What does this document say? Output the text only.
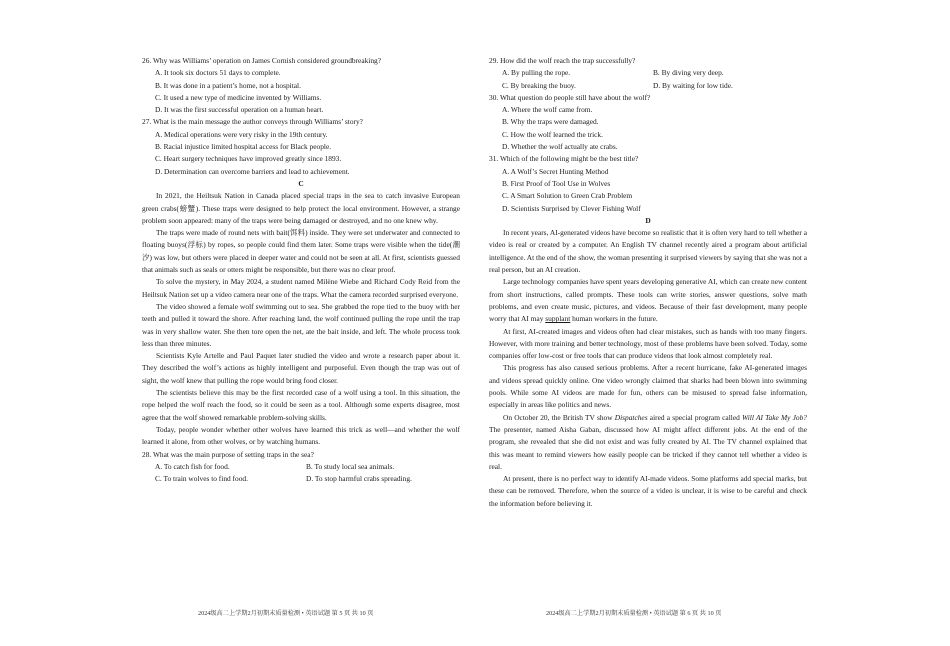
26. Why was Williams’ operation on James Cornish considered groundbreaking?

A. It took six doctors 51 days to complete.

B. It was done in a patient’s home, not a hospital.

C. It used a new type of medicine invented by Williams.

D. It was the first successful operation on a human heart.

27. What is the main message the author conveys through Williams’ story?

A. Medical operations were very risky in the 19th century.

B. Racial injustice limited hospital access for Black people.

C. Heart surgery techniques have improved greatly since 1893.

D. Determination can overcome barriers and lead to achievement.

C

In 2021, the Heiltsuk Nation in Canada placed special traps in the sea to catch invasive European green crabs(螃蟹). These traps were designed to help protect the local environment. However, a strange problem soon appeared: many of the traps were being damaged or destroyed, and no one knew why.

The traps were made of round nets with bait(饵料) inside. They were set underwater and connected to floating buoys(浮标) by ropes, so people could find them later. Some traps were visible when the tide(潮汐) was low, but others were placed in deeper water and could not be seen at all. At first, scientists guessed that animals such as seals or otters might be responsible, but there was no clear proof.

To solve the mystery, in May 2024, a student named Milène Wiebe and Richard Cody Reid from the Heiltsuk Nation set up a video camera near one of the traps. What the camera recorded surprised everyone.

The video showed a female wolf swimming out to sea. She grabbed the rope tied to the buoy with her teeth and pulled it toward the shore. After reaching land, the wolf continued pulling the rope until the trap was in very shallow water. She then tore open the net, ate the bait inside, and left. The whole process took less than three minutes.

Scientists Kyle Artelle and Paul Paquet later studied the video and wrote a research paper about it. They described the wolf’s actions as highly intelligent and purposeful. Even though the trap was out of sight, the wolf knew that pulling the rope would bring food closer.

The scientists believe this may be the first recorded case of a wolf using a tool. In this situation, the rope helped the wolf reach the food, so it could be seen as a tool. Although some experts disagree, most agree that the wolf showed remarkable problem-solving skills.

Today, people wonder whether other wolves have learned this trick as well—and whether the wolf learned it alone, from other wolves, or by watching humans.

28. What was the main purpose of setting traps in the sea?

A. To catch fish for food.	B. To study local sea animals.
C. To train wolves to find food.	D. To stop harmful crabs spreading.

29. How did the wolf reach the trap successfully?

A. By pulling the rope.	B. By diving very deep.
C. By breaking the buoy.	D. By waiting for low tide.

30. What question do people still have about the wolf?

A. Where the wolf came from.

B. Why the traps were damaged.

C. How the wolf learned the trick.

D. Whether the wolf actually ate crabs.

31. Which of the following might be the best title?

A. A Wolf’s Secret Hunting Method

B. First Proof of Tool Use in Wolves

C. A Smart Solution to Green Crab Problem

D. Scientists Surprised by Clever Fishing Wolf

D

In recent years, AI-generated videos have become so realistic that it is often very hard to tell whether a video is real or created by a computer. An English TV channel recently aired a program about artificial intelligence. At the end of the show, the woman presenting it surprised viewers by saying that she was not a real person, but an AI creation.

Large technology companies have spent years developing generative AI, which can create new content from short instructions, called prompts. These tools can write stories, answer questions, solve math problems, and even create music, pictures, and videos. Because of their fast development, many people worry that AI may supplant human workers in the future.

At first, AI-created images and videos often had clear mistakes, such as hands with too many fingers. However, with more training and better technology, most of these problems have been solved. Today, some companies offer low-cost or free tools that can produce videos that look almost completely real.

This progress has also caused serious problems. After a recent hurricane, fake AI-generated images and videos spread quickly online. One video wrongly claimed that sharks had been blown into swimming pools. While some AI videos are made for fun, others can be misused to spread false information, especially in areas like politics and news.

On October 20, the British TV show Dispatches aired a special program called Will AI Take My Job? The presenter, named Aisha Gaban, discussed how AI might affect different jobs. At the end of the program, she revealed that she did not exist and was fully created by AI. The TV channel explained that this was meant to remind viewers how easily people can be tricked if they cannot tell whether a video is real.

At present, there is no perfect way to identify AI-made videos. Some platforms add special marks, but these can be removed. Therefore, when the source of a video is unclear, it is wise to be careful and check the information before believing it.

2024级高二上学期2月初期末质量检测 • 英语试题 第 5 页 共 10 页	2024级高二上学期2月初期末质量检测 • 英语试题 第 6 页 共 10 页
